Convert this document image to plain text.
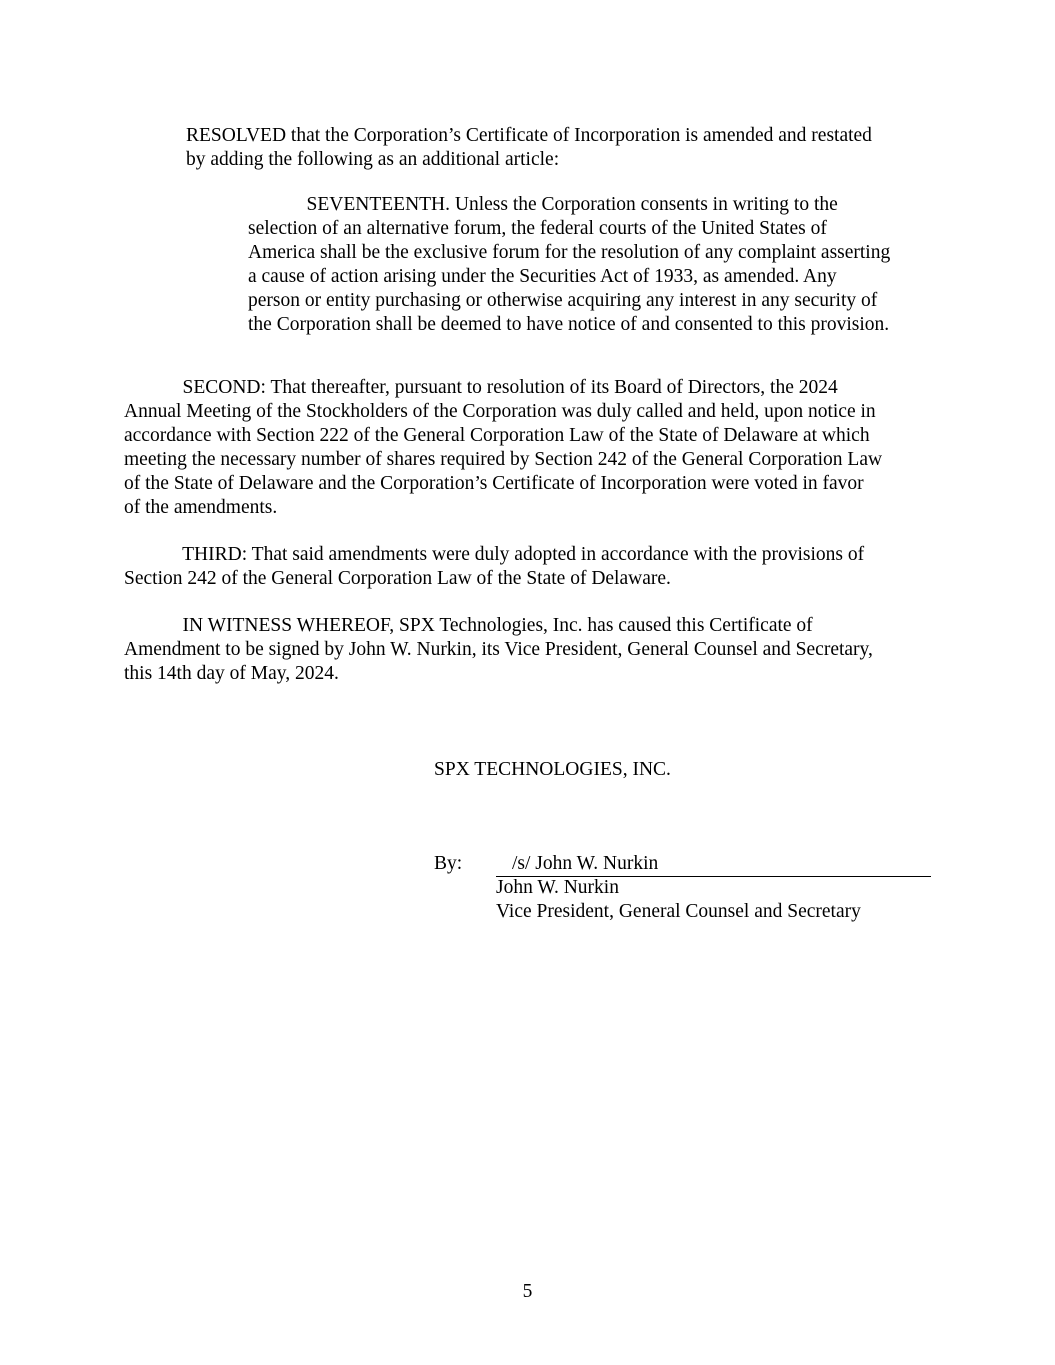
RESOLVED that the Corporation’s Certificate of Incorporation is amended and restated
by adding the following as an additional article:
SEVENTEENTH. Unless the Corporation consents in writing to the
selection of an alternative forum, the federal courts of the United States of
America shall be the exclusive forum for the resolution of any complaint asserting
a cause of action arising under the Securities Act of 1933, as amended. Any
person or entity purchasing or otherwise acquiring any interest in any security of
the Corporation shall be deemed to have notice of and consented to this provision.
SECOND: That thereafter, pursuant to resolution of its Board of Directors, the 2024
Annual Meeting of the Stockholders of the Corporation was duly called and held, upon notice in
accordance with Section 222 of the General Corporation Law of the State of Delaware at which
meeting the necessary number of shares required by Section 242 of the General Corporation Law
of the State of Delaware and the Corporation’s Certificate of Incorporation were voted in favor
of the amendments.
THIRD: That said amendments were duly adopted in accordance with the provisions of
Section 242 of the General Corporation Law of the State of Delaware.
IN WITNESS WHEREOF, SPX Technologies, Inc. has caused this Certificate of
Amendment to be signed by John W. Nurkin, its Vice President, General Counsel and Secretary,
this 14th day of May, 2024.
SPX TECHNOLOGIES, INC.
By:	/s/ John W. Nurkin
John W. Nurkin
Vice President, General Counsel and Secretary
5
